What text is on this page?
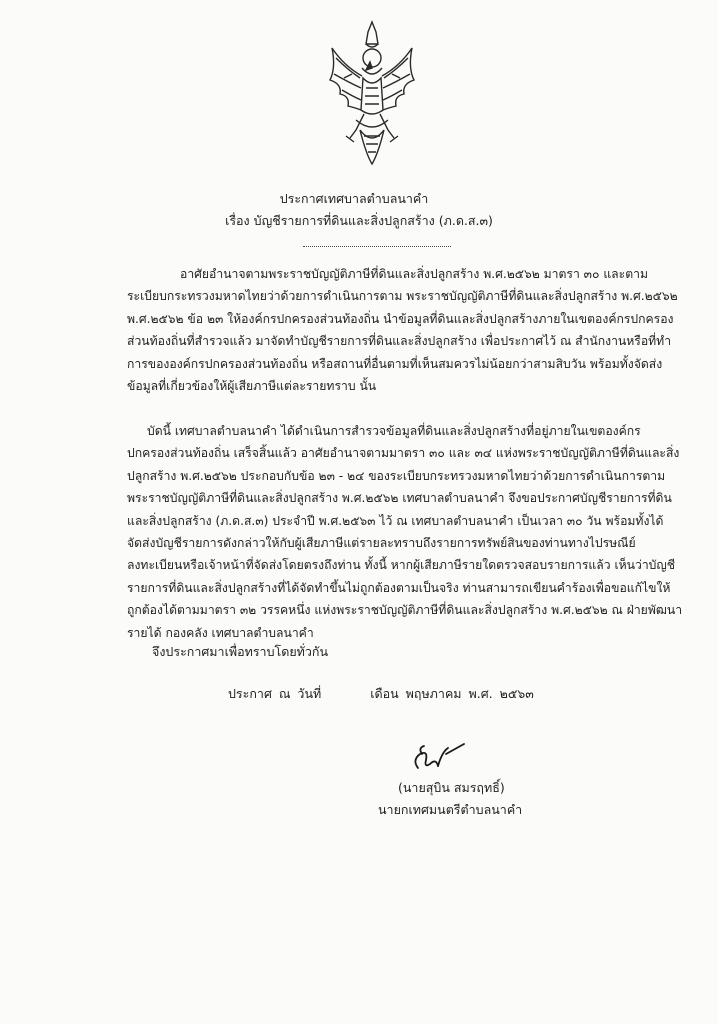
ประกาศเทศบาลตำบลนาคำ
เรื่อง บัญชีรายการที่ดินและสิ่งปลูกสร้าง (ภ.ด.ส.๓)
อาศัยอำนาจตามพระราชบัญญัติภาษีที่ดินและสิ่งปลูกสร้าง พ.ศ.๒๕๖๒ มาตรา ๓๐ และตาม
ระเบียบกระทรวงมหาดไทยว่าด้วยการดำเนินการตาม พระราชบัญญัติภาษีที่ดินและสิ่งปลูกสร้าง พ.ศ.๒๕๖๒
พ.ศ.๒๕๖๒ ข้อ ๒๓ ให้องค์กรปกครองส่วนท้องถิ่น นำข้อมูลที่ดินและสิ่งปลูกสร้างภายในเขตองค์กรปกครอง
ส่วนท้องถิ่นที่สำรวจแล้ว มาจัดทำบัญชีรายการที่ดินและสิ่งปลูกสร้าง เพื่อประกาศไว้ ณ สำนักงานหรือที่ทำ
การขององค์กรปกครองส่วนท้องถิ่น หรือสถานที่อื่นตามที่เห็นสมควรไม่น้อยกว่าสามสิบวัน พร้อมทั้งจัดส่ง
ข้อมูลที่เกี่ยวข้องให้ผู้เสียภาษีแต่ละรายทราบ นั้น
บัดนี้ เทศบาลตำบลนาคำ ได้ดำเนินการสำรวจข้อมูลที่ดินและสิ่งปลูกสร้างที่อยู่ภายในเขตองค์กร
ปกครองส่วนท้องถิ่น เสร็จสิ้นแล้ว อาศัยอำนาจตามมาตรา ๓๐ และ ๓๔ แห่งพระราชบัญญัติภาษีที่ดินและสิ่ง
ปลูกสร้าง พ.ศ.๒๕๖๒ ประกอบกับข้อ ๒๓ - ๒๔ ของระเบียบกระทรวงมหาดไทยว่าด้วยการดำเนินการตาม
พระราชบัญญัติภาษีที่ดินและสิ่งปลูกสร้าง พ.ศ.๒๕๖๒ เทศบาลตำบลนาคำ จึงขอประกาศบัญชีรายการที่ดิน
และสิ่งปลูกสร้าง (ภ.ด.ส.๓) ประจำปี พ.ศ.๒๕๖๓ ไว้ ณ เทศบาลตำบลนาคำ เป็นเวลา ๓๐ วัน พร้อมทั้งได้
จัดส่งบัญชีรายการดังกล่าวให้กับผู้เสียภาษีแต่รายละทราบถึงรายการทรัพย์สินของท่านทางไปรษณีย์
ลงทะเบียนหรือเจ้าหน้าที่จัดส่งโดยตรงถึงท่าน ทั้งนี้ หากผู้เสียภาษีรายใดตรวจสอบรายการแล้ว เห็นว่าบัญชี
รายการที่ดินและสิ่งปลูกสร้างที่ได้จัดทำขึ้นไม่ถูกต้องตามเป็นจริง ท่านสามารถเขียนคำร้องเพื่อขอแก้ไขให้
ถูกต้องได้ตามมาตรา ๓๒ วรรคหนึ่ง แห่งพระราชบัญญัติภาษีที่ดินและสิ่งปลูกสร้าง พ.ศ.๒๕๖๒ ณ ฝ่ายพัฒนา
รายได้ กองคลัง เทศบาลตำบลนาคำ
จึงประกาศมาเพื่อทราบโดยทั่วกัน
ประกาศ ณ วันที่	เดือน พฤษภาคม พ.ศ. ๒๕๖๓
(นายสุบิน สมรฤทธิ์)
นายกเทศมนตรีตำบลนาคำ
